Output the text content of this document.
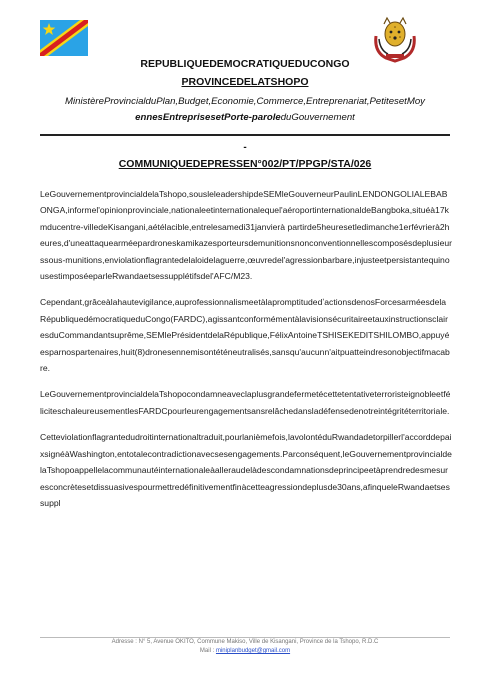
REPUBLIQUEDEMOCRATIQUEDUCONGO
PROVINCEDELATSHOPO
MinistèreProvincialduPlan,Budget,Economie,Commerce,Entreprenariat,PetitesetMoy
ennesEntreprisesetPorte-paroleduGouvernement
-
COMMUNIQUEDEPRESSEN°002/PT/PPGP/STA/026

LeGouvernementprovincialdelaTshopo,souslelеadershipdeSEMleGouverneurPaulinLENDONGOLIALEBABONGA,informel'opinionprovinciale,nationaleetinternationalequel'aéroportinternationaldeBangboka,situéà17kmducentre-villedeKisangani,aétélacible,entrelesamedi31janvierà partirde5heuresetledimanche1erfévrierà2heures,d'uneattaquearméepardroneskamikazesporteursdemunitionsnonconventionnellescomposésdeplusieurssous-munitions,enviolationflagrantedelaloidelaguerre,œuvredel'agressionbarbare,injusteetpersistantequinousestimposéeparleRwandaetsessupplétifsdel'AFC/M23.

Cependant,grâceàlahautevigilance,auprofessionnalismeetàlapromptitudedʼactionsdenosForcesarméesdelaRépubliquedémocratiqueduCongo(FARDC),agissantconformémentàlavisionsécuritaireetauxinstructionsclairesduCommandantsuprême,SEMlePrésidentdelaRépublique,FélixAntoineTSHISEKEDITSHILOMBO,appuyéesparnospartenaires,huit(8)dronesennemisontéténeutralisés,sansqu'aucunn'aitpuatteindresonobjectifmacabre.

LeGouvernementprovincialdelaTshopocondamneaveclaplusgrandefermetécettetentativeterroristeignobleetféliciteschaleureusementlesFARDCpourleurengagementsansrelâchedansladéfensedenotreintégritéterritoriale.

Cetteviolationflagrantedudroitinternationaltraduit,pourlanièmefois,lavolontéduRwandadetorpillerl'accorddepaixsignéàWashington,entotalecontradictionavecsesengagements.Parconséquent,leGouvernementprovincialdelaTshopoappellelacommunautéinternationaleàalleraudelàdescondamnationsdeprincipeetàprendredesmesuresconcrètesetdissuasivespourmettredéfinitivementfinàcetteagressiondeplusde30ans,afinqueleRwandaetsessuppl

Adresse : N° 5, Avenue OKITO, Commune Makiso, Ville de Kisangani, Province de la Tshopo, R.D.C
Mail : miniplanbudget@gmail.com
